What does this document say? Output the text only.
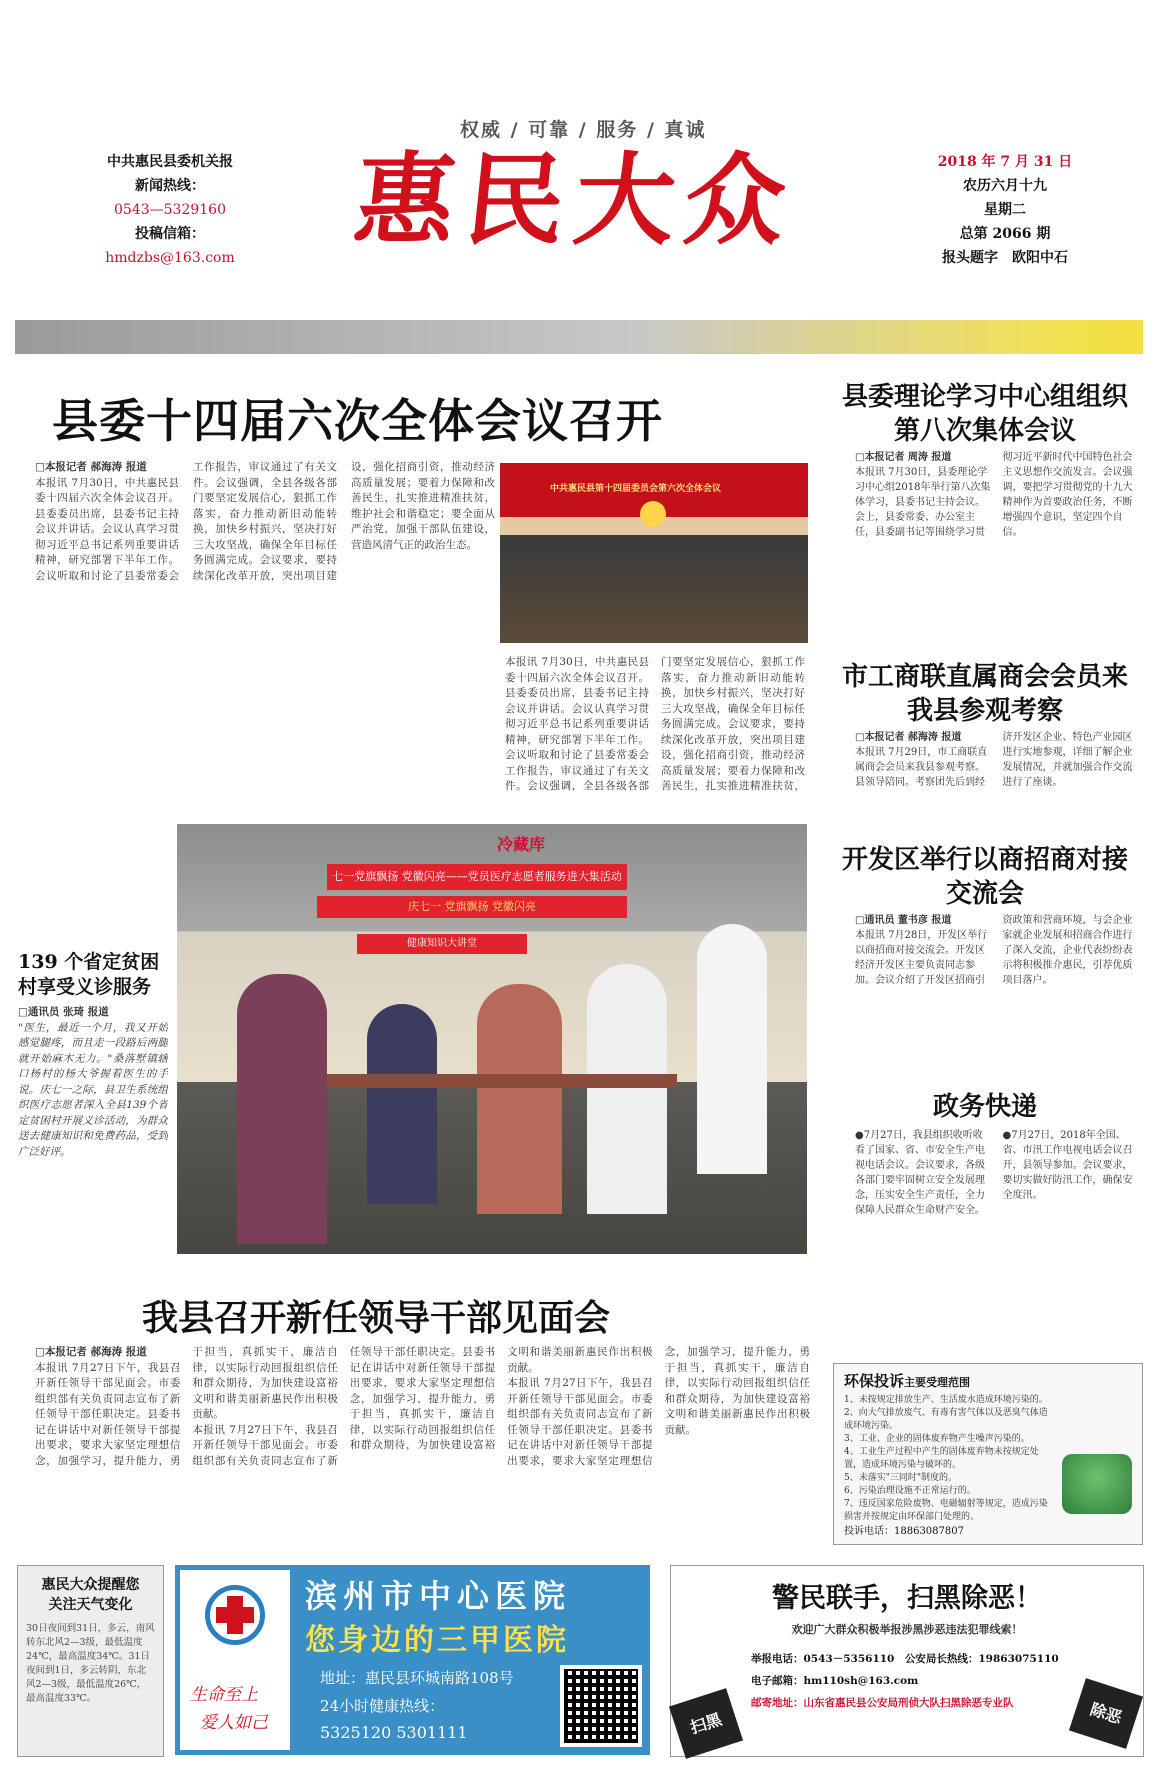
中共惠民县委机关报
新闻热线：
0543—5329160
投稿信箱：
hmdzbs@163.com
权威 / 可靠 / 服务 / 真诚
惠民大众	2018 年 7 月 31 日
农历六月十九
星期二
总第 2066 期
报头题字　欧阳中石
县委十四届六次全体会议召开
□本报记者 郝海涛 报道
本报讯 7月30日，中共惠民县委十四届六次全体会议召开。县委委员出席，县委书记主持会议并讲话。会议认真学习贯彻习近平总书记系列重要讲话精神，研究部署下半年工作。会议听取和讨论了县委常委会工作报告，审议通过了有关文件。会议强调，全县各级各部门要坚定发展信心，狠抓工作落实，奋力推动新旧动能转换，加快乡村振兴，坚决打好三大攻坚战，确保全年目标任务圆满完成。会议要求，要持续深化改革开放，突出项目建设，强化招商引资，推动经济高质量发展；要着力保障和改善民生，扎实推进精准扶贫，维护社会和谐稳定；要全面从严治党，加强干部队伍建设，营造风清气正的政治生态。
中共惠民县第十四届委员会第六次全体会议
本报讯 7月30日，中共惠民县委十四届六次全体会议召开。县委委员出席，县委书记主持会议并讲话。会议认真学习贯彻习近平总书记系列重要讲话精神，研究部署下半年工作。会议听取和讨论了县委常委会工作报告，审议通过了有关文件。会议强调，全县各级各部门要坚定发展信心，狠抓工作落实，奋力推动新旧动能转换，加快乡村振兴，坚决打好三大攻坚战，确保全年目标任务圆满完成。会议要求，要持续深化改革开放，突出项目建设，强化招商引资，推动经济高质量发展；要着力保障和改善民生，扎实推进精准扶贫，
七一党旗飘扬 党徽闪亮——党员医疗志愿者服务进大集活动
庆七一 党旗飘扬 党徽闪亮
健康知识大讲堂
冷藏库
139 个省定贫困村享受义诊服务
□通讯员 张琦 报道
"医生，最近一个月，我又开始感觉腿疼，而且走一段路后两腿就开始麻木无力。"桑落墅镇辖口杨村的杨大爷握着医生的手说。庆七一之际，县卫生系统组织医疗志愿者深入全县139个省定贫困村开展义诊活动，为群众送去健康知识和免费药品，受到广泛好评。
我县召开新任领导干部见面会
□本报记者 郝海涛 报道
本报讯 7月27日下午，我县召开新任领导干部见面会。市委组织部有关负责同志宣布了新任领导干部任职决定。县委书记在讲话中对新任领导干部提出要求，要求大家坚定理想信念，加强学习，提升能力，勇于担当，真抓实干，廉洁自律，以实际行动回报组织信任和群众期待，为加快建设富裕文明和谐美丽新惠民作出积极贡献。
本报讯 7月27日下午，我县召开新任领导干部见面会。市委组织部有关负责同志宣布了新任领导干部任职决定。县委书记在讲话中对新任领导干部提出要求，要求大家坚定理想信念，加强学习，提升能力，勇于担当，真抓实干，廉洁自律，以实际行动回报组织信任和群众期待，为加快建设富裕文明和谐美丽新惠民作出积极贡献。
本报讯 7月27日下午，我县召开新任领导干部见面会。市委组织部有关负责同志宣布了新任领导干部任职决定。县委书记在讲话中对新任领导干部提出要求，要求大家坚定理想信念，加强学习，提升能力，勇于担当，真抓实干，廉洁自律，以实际行动回报组织信任和群众期待，为加快建设富裕文明和谐美丽新惠民作出积极贡献。
县委理论学习中心组组织第八次集体会议
□本报记者 周涛 报道
本报讯 7月30日，县委理论学习中心组2018年举行第八次集体学习，县委书记主持会议。会上，县委常委、办公室主任，县委副书记等围绕学习贯彻习近平新时代中国特色社会主义思想作交流发言。会议强调，要把学习贯彻党的十九大精神作为首要政治任务，不断增强四个意识，坚定四个自信。
市工商联直属商会会员来我县参观考察
□本报记者 郝海涛 报道
本报讯 7月29日，市工商联直属商会会员来我县参观考察。县领导陪同。考察团先后到经济开发区企业、特色产业园区进行实地参观，详细了解企业发展情况，并就加强合作交流进行了座谈。
开发区举行以商招商对接交流会
□通讯员 董书彦 报道
本报讯 7月28日，开发区举行以商招商对接交流会。开发区经济开发区主要负责同志参加。会议介绍了开发区招商引资政策和营商环境，与会企业家就企业发展和招商合作进行了深入交流，企业代表纷纷表示将积极推介惠民，引荐优质项目落户。
政务快递
●7月27日，我县组织收听收看了国家、省、市安全生产电视电话会议。会议要求，各级各部门要牢固树立安全发展理念，压实安全生产责任，全力保障人民群众生命财产安全。●7月27日，2018年全国、省、市汛工作电视电话会议召开，县领导参加。会议要求，要切实做好防汛工作，确保安全度汛。
环保投诉主要受理范围
1、未按规定排放生产、生活废水造成环境污染的。
2、向大气排放废气、有毒有害气体以及恶臭气体造成环境污染。
3、工业、企业的固体废弃物产生噪声污染的。
4、工业生产过程中产生的固体废弃物未按规定处置，造成环境污染与破坏的。
5、未落实"三同时"制度的。
6、污染治理设施不正常运行的。
7、违反国家危险废物、电磁辐射等规定，造成污染损害并按规定由环保部门处理的。
投诉电话：18863087807
惠民大众提醒您
关注天气变化
30日夜间到31日，多云，南风转东北风2—3级，最低温度24℃，最高温度34℃。31日夜间到1日，多云转阴，东北风2—3级，最低温度26℃，最高温度33℃。	生命至上
爱人如己
滨州市中心医院
您身边的三甲医院
地址：惠民县环城南路108号
24小时健康热线：
5325120 5301111
警民联手，扫黑除恶！
欢迎广大群众积极举报涉黑涉恶违法犯罪线索！
举报电话：0543－5356110　公安局长热线：19863075110
电子邮箱：hm110sh@163.com
邮寄地址：山东省惠民县公安局刑侦大队扫黑除恶专业队
扫黑	除恶
